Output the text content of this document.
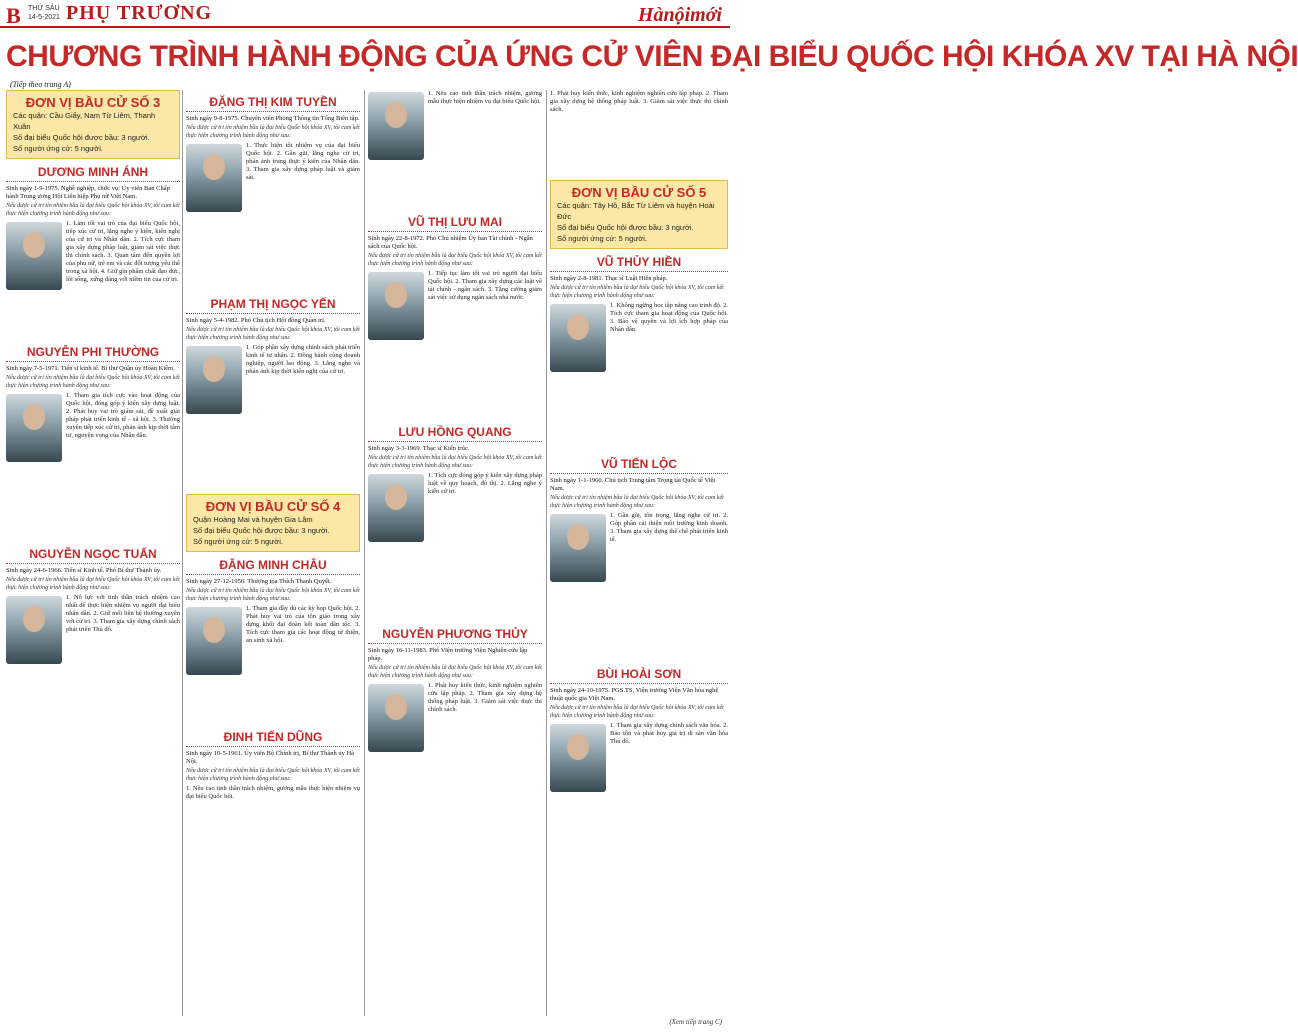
B THỨ SÁU
14-5-2021 PHỤ TRƯƠNG	Hànộimới
CHƯƠNG TRÌNH HÀNH ĐỘNG CỦA ỨNG CỬ VIÊN ĐẠI BIỂU QUỐC HỘI KHÓA XV TẠI HÀ NỘI
(Tiếp theo trang A)
ĐƠN VỊ BẦU CỬ SỐ 3
Các quận: Cầu Giấy, Nam Từ Liêm, Thanh Xuân
Số đại biểu Quốc hội được bầu: 3 người.
Số người ứng cử: 5 người.
DƯƠNG MINH ÁNH
Sinh ngày 1-9-1975. Nghề nghiệp, chức vụ: Ủy viên Ban Chấp hành Trung ương Hội Liên hiệp Phụ nữ Việt Nam.
Nếu được cử tri tín nhiệm bầu là đại biểu Quốc hội khóa XV, tôi cam kết thực hiện chương trình hành động như sau:
1. Làm tốt vai trò của đại biểu Quốc hội, tiếp xúc cử tri, lắng nghe ý kiến, kiến nghị của cử tri và Nhân dân. 2. Tích cực tham gia xây dựng pháp luật, giám sát việc thực thi chính sách. 3. Quan tâm đến quyền lợi của phụ nữ, trẻ em và các đối tượng yếu thế trong xã hội. 4. Giữ gìn phẩm chất đạo đức, lối sống, xứng đáng với niềm tin của cử tri.
NGUYỄN PHI THƯỜNG
Sinh ngày 7-5-1971. Tiến sĩ kinh tế. Bí thư Quận ủy Hoàn Kiếm.
Nếu được cử tri tín nhiệm bầu là đại biểu Quốc hội khóa XV, tôi cam kết thực hiện chương trình hành động như sau:
1. Tham gia tích cực vào hoạt động của Quốc hội, đóng góp ý kiến xây dựng luật. 2. Phát huy vai trò giám sát, đề xuất giải pháp phát triển kinh tế - xã hội. 3. Thường xuyên tiếp xúc cử tri, phản ánh kịp thời tâm tư, nguyện vọng của Nhân dân.
NGUYỄN NGỌC TUẤN
Sinh ngày 24-6-1966. Tiến sĩ Kinh tế. Phó Bí thư Thành ủy.
Nếu được cử tri tín nhiệm bầu là đại biểu Quốc hội khóa XV, tôi cam kết thực hiện chương trình hành động như sau:
1. Nỗ lực với tinh thần trách nhiệm cao nhất để thực hiện nhiệm vụ người đại biểu nhân dân. 2. Giữ mối liên hệ thường xuyên với cử tri. 3. Tham gia xây dựng chính sách phát triển Thủ đô.
ĐẶNG THỊ KIM TUYỀN
Sinh ngày 9-8-1975. Chuyên viên Phòng Thông tin Tổng Biên tập.
Nếu được cử tri tín nhiệm bầu là đại biểu Quốc hội khóa XV, tôi cam kết thực hiện chương trình hành động như sau:
1. Thực hiện tốt nhiệm vụ của đại biểu Quốc hội. 2. Gần gũi, lắng nghe cử tri, phản ánh trung thực ý kiến của Nhân dân. 3. Tham gia xây dựng pháp luật và giám sát.
PHẠM THỊ NGỌC YẾN
Sinh ngày 5-4-1982. Phó Chủ tịch Hội đồng Quản trị.
Nếu được cử tri tín nhiệm bầu là đại biểu Quốc hội khóa XV, tôi cam kết thực hiện chương trình hành động như sau:
1. Góp phần xây dựng chính sách phát triển kinh tế tư nhân. 2. Đồng hành cùng doanh nghiệp, người lao động. 3. Lắng nghe và phản ánh kịp thời kiến nghị của cử tri.
ĐƠN VỊ BẦU CỬ SỐ 4
Quận Hoàng Mai và huyện Gia Lâm
Số đại biểu Quốc hội được bầu: 3 người.
Số người ứng cử: 5 người.
ĐẶNG MINH CHÂU
Sinh ngày 27-12-1956. Thượng tọa Thích Thanh Quyết.
Nếu được cử tri tín nhiệm bầu là đại biểu Quốc hội khóa XV, tôi cam kết thực hiện chương trình hành động như sau:
1. Tham gia đầy đủ các kỳ họp Quốc hội. 2. Phát huy vai trò của tôn giáo trong xây dựng khối đại đoàn kết toàn dân tộc. 3. Tích cực tham gia các hoạt động từ thiện, an sinh xã hội.
ĐINH TIẾN DŨNG
Sinh ngày 10-5-1961. Ủy viên Bộ Chính trị, Bí thư Thành ủy Hà Nội.
Nếu được cử tri tín nhiệm bầu là đại biểu Quốc hội khóa XV, tôi cam kết thực hiện chương trình hành động như sau:
1. Nêu cao tinh thần trách nhiệm, gương mẫu thực hiện nhiệm vụ đại biểu Quốc hội.
1. Nêu cao tinh thần trách nhiệm, gương mẫu thực hiện nhiệm vụ đại biểu Quốc hội.
VŨ THỊ LƯU MAI
Sinh ngày 22-8-1972. Phó Chủ nhiệm Ủy ban Tài chính - Ngân sách của Quốc hội.
Nếu được cử tri tín nhiệm bầu là đại biểu Quốc hội khóa XV, tôi cam kết thực hiện chương trình hành động như sau:
1. Tiếp tục làm tốt vai trò người đại biểu Quốc hội. 2. Tham gia xây dựng các luật về tài chính - ngân sách. 3. Tăng cường giám sát việc sử dụng ngân sách nhà nước.
LƯU HỒNG QUANG
Sinh ngày 3-3-1969. Thạc sĩ Kiến trúc.
Nếu được cử tri tín nhiệm bầu là đại biểu Quốc hội khóa XV, tôi cam kết thực hiện chương trình hành động như sau:
1. Tích cực đóng góp ý kiến xây dựng pháp luật về quy hoạch, đô thị. 2. Lắng nghe ý kiến cử tri.
NGUYỄN PHƯƠNG THỦY
Sinh ngày 16-11-1983. Phó Viện trưởng Viện Nghiên cứu lập pháp.
Nếu được cử tri tín nhiệm bầu là đại biểu Quốc hội khóa XV, tôi cam kết thực hiện chương trình hành động như sau:
1. Phát huy kiến thức, kinh nghiệm nghiên cứu lập pháp. 2. Tham gia xây dựng hệ thống pháp luật. 3. Giám sát việc thực thi chính sách.
1. Phát huy kiến thức, kinh nghiệm nghiên cứu lập pháp. 2. Tham gia xây dựng hệ thống pháp luật. 3. Giám sát việc thực thi chính sách.
ĐƠN VỊ BẦU CỬ SỐ 5
Các quận: Tây Hồ, Bắc Từ Liêm và huyện Hoài Đức
Số đại biểu Quốc hội được bầu: 3 người.
Số người ứng cử: 5 người.
VŨ THỦY HIỀN
Sinh ngày 2-8-1981. Thạc sĩ Luật Hiến pháp.
Nếu được cử tri tín nhiệm bầu là đại biểu Quốc hội khóa XV, tôi cam kết thực hiện chương trình hành động như sau:
1. Không ngừng học tập nâng cao trình độ. 2. Tích cực tham gia hoạt động của Quốc hội. 3. Bảo vệ quyền và lợi ích hợp pháp của Nhân dân.
VŨ TIẾN LỘC
Sinh ngày 1-1-1960. Chủ tịch Trung tâm Trọng tài Quốc tế Việt Nam.
Nếu được cử tri tín nhiệm bầu là đại biểu Quốc hội khóa XV, tôi cam kết thực hiện chương trình hành động như sau:
1. Gần gũi, tôn trọng, lắng nghe cử tri. 2. Góp phần cải thiện môi trường kinh doanh. 3. Tham gia xây dựng thể chế phát triển kinh tế.
BÙI HOÀI SƠN
Sinh ngày 24-10-1975. PGS.TS, Viện trưởng Viện Văn hóa nghệ thuật quốc gia Việt Nam.
Nếu được cử tri tín nhiệm bầu là đại biểu Quốc hội khóa XV, tôi cam kết thực hiện chương trình hành động như sau:
1. Tham gia xây dựng chính sách văn hóa. 2. Bảo tồn và phát huy giá trị di sản văn hóa Thủ đô.
(Xem tiếp trang C)
